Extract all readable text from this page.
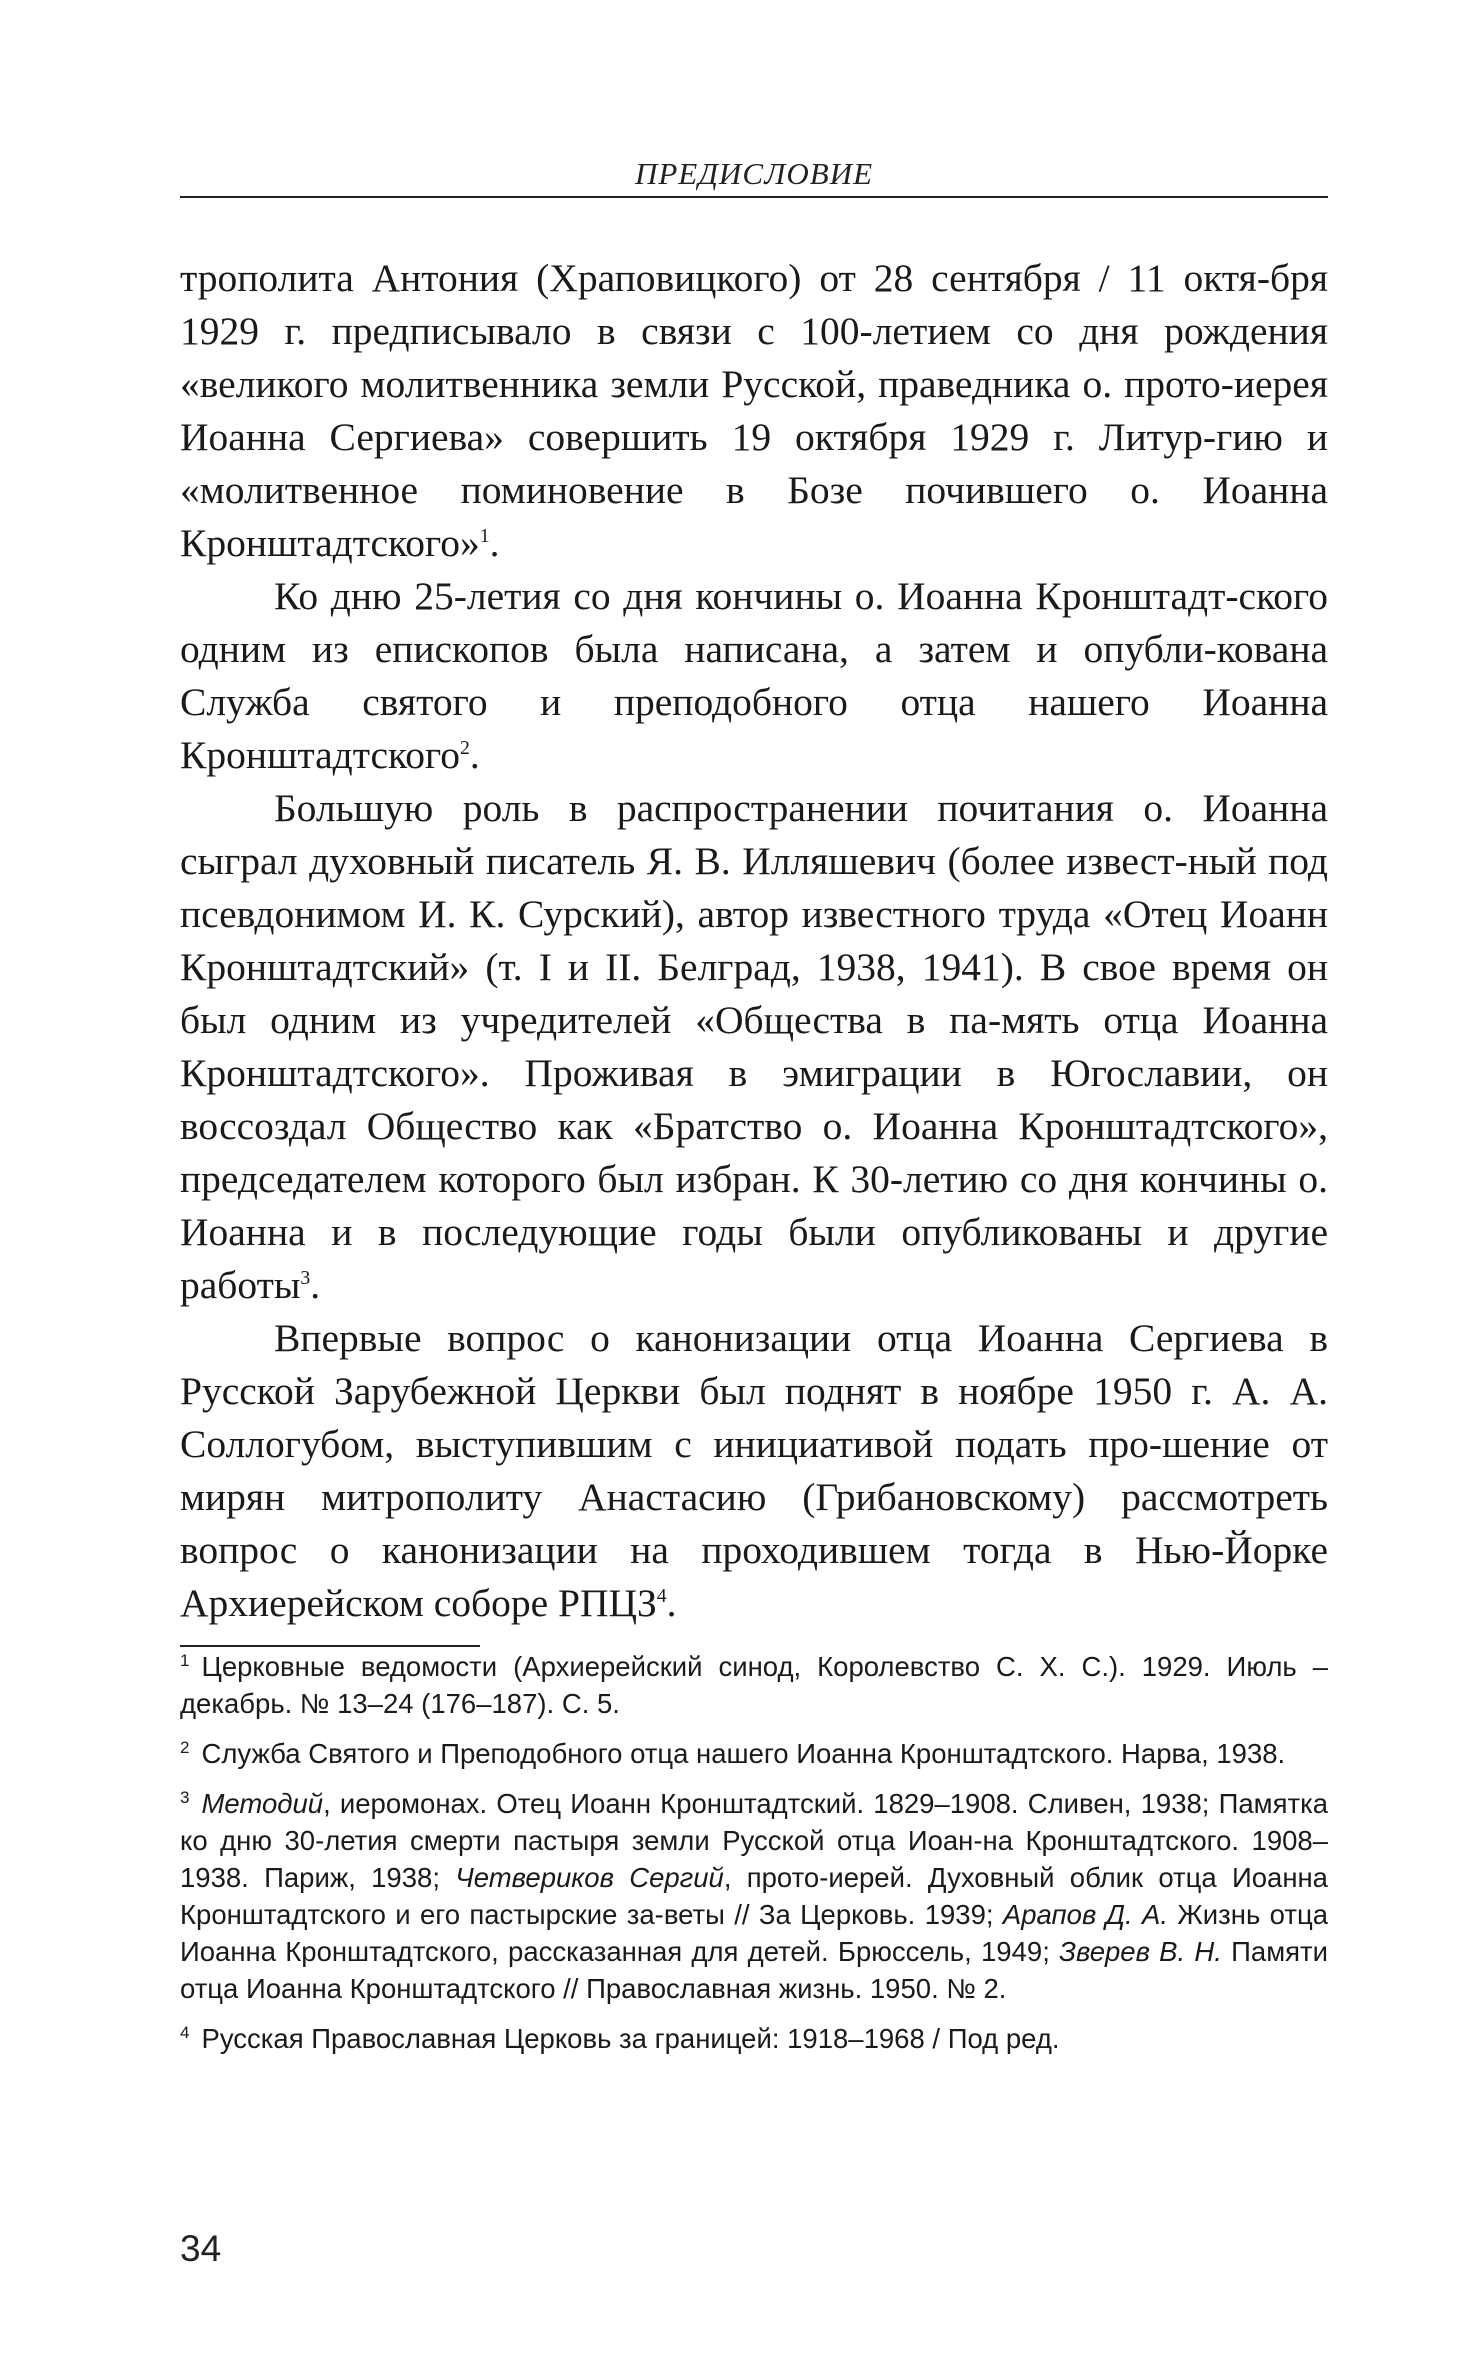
ПРЕДИСЛОВИЕ

трополита Антония (Храповицкого) от 28 сентября / 11 октя-бря 1929 г. предписывало в связи с 100-летием со дня рождения «великого молитвенника земли Русской, праведника о. прото-иерея Иоанна Сергиева» совершить 19 октября 1929 г. Литур-гию и «молитвенное поминовение в Бозе почившего о. Иоанна Кронштадтского»$^1$.

Ко дню 25-летия со дня кончины о. Иоанна Кронштадт-ского одним из епископов была написана, а затем и опубли-кована Служба святого и преподобного отца нашего Иоанна Кронштадтского$^2$.

Большую роль в распространении почитания о. Иоанна сыграл духовный писатель Я. В. Илляшевич (более извест-ный под псевдонимом И. К. Сурский), автор известного труда «Отец Иоанн Кронштадтский» (т. I и II. Белград, 1938, 1941). В свое время он был одним из учредителей «Общества в па-мять отца Иоанна Кронштадтского». Проживая в эмиграции в Югославии, он воссоздал Общество как «Братство о. Иоанна Кронштадтского», председателем которого был избран. К 30-летию со дня кончины о. Иоанна и в последующие годы были опубликованы и другие работы$^3$.

Впервые вопрос о канонизации отца Иоанна Сергиева в Русской Зарубежной Церкви был поднят в ноябре 1950 г. А. А. Соллогубом, выступившим с инициативой подать про-шение от мирян митрополиту Анастасию (Грибановскому) рассмотреть вопрос о канонизации на проходившем тогда в Нью-Йорке Архиерейском соборе РПЦЗ$^4$.

$^1$ Церковные ведомости (Архиерейский синод, Королевство С. Х. С.). 1929. Июль – декабрь. № 13–24 (176–187). С. 5.
$^2$ Служба Святого и Преподобного отца нашего Иоанна Кронштадтского. Нарва, 1938.
$^3$ Методий, иеромонах. Отец Иоанн Кронштадтский. 1829–1908. Сливен, 1938; Памятка ко дню 30-летия смерти пастыря земли Русской отца Иоан-на Кронштадтского. 1908–1938. Париж, 1938; Четвериков Сергий, прото-иерей. Духовный облик отца Иоанна Кронштадтского и его пастырские за-веты // За Церковь. 1939; Арапов Д. А. Жизнь отца Иоанна Кронштадтского, рассказанная для детей. Брюссель, 1949; Зверев В. Н. Памяти отца Иоанна Кронштадтского // Православная жизнь. 1950. № 2.
$^4$ Русская Православная Церковь за границей: 1918–1968 / Под ред.
34
